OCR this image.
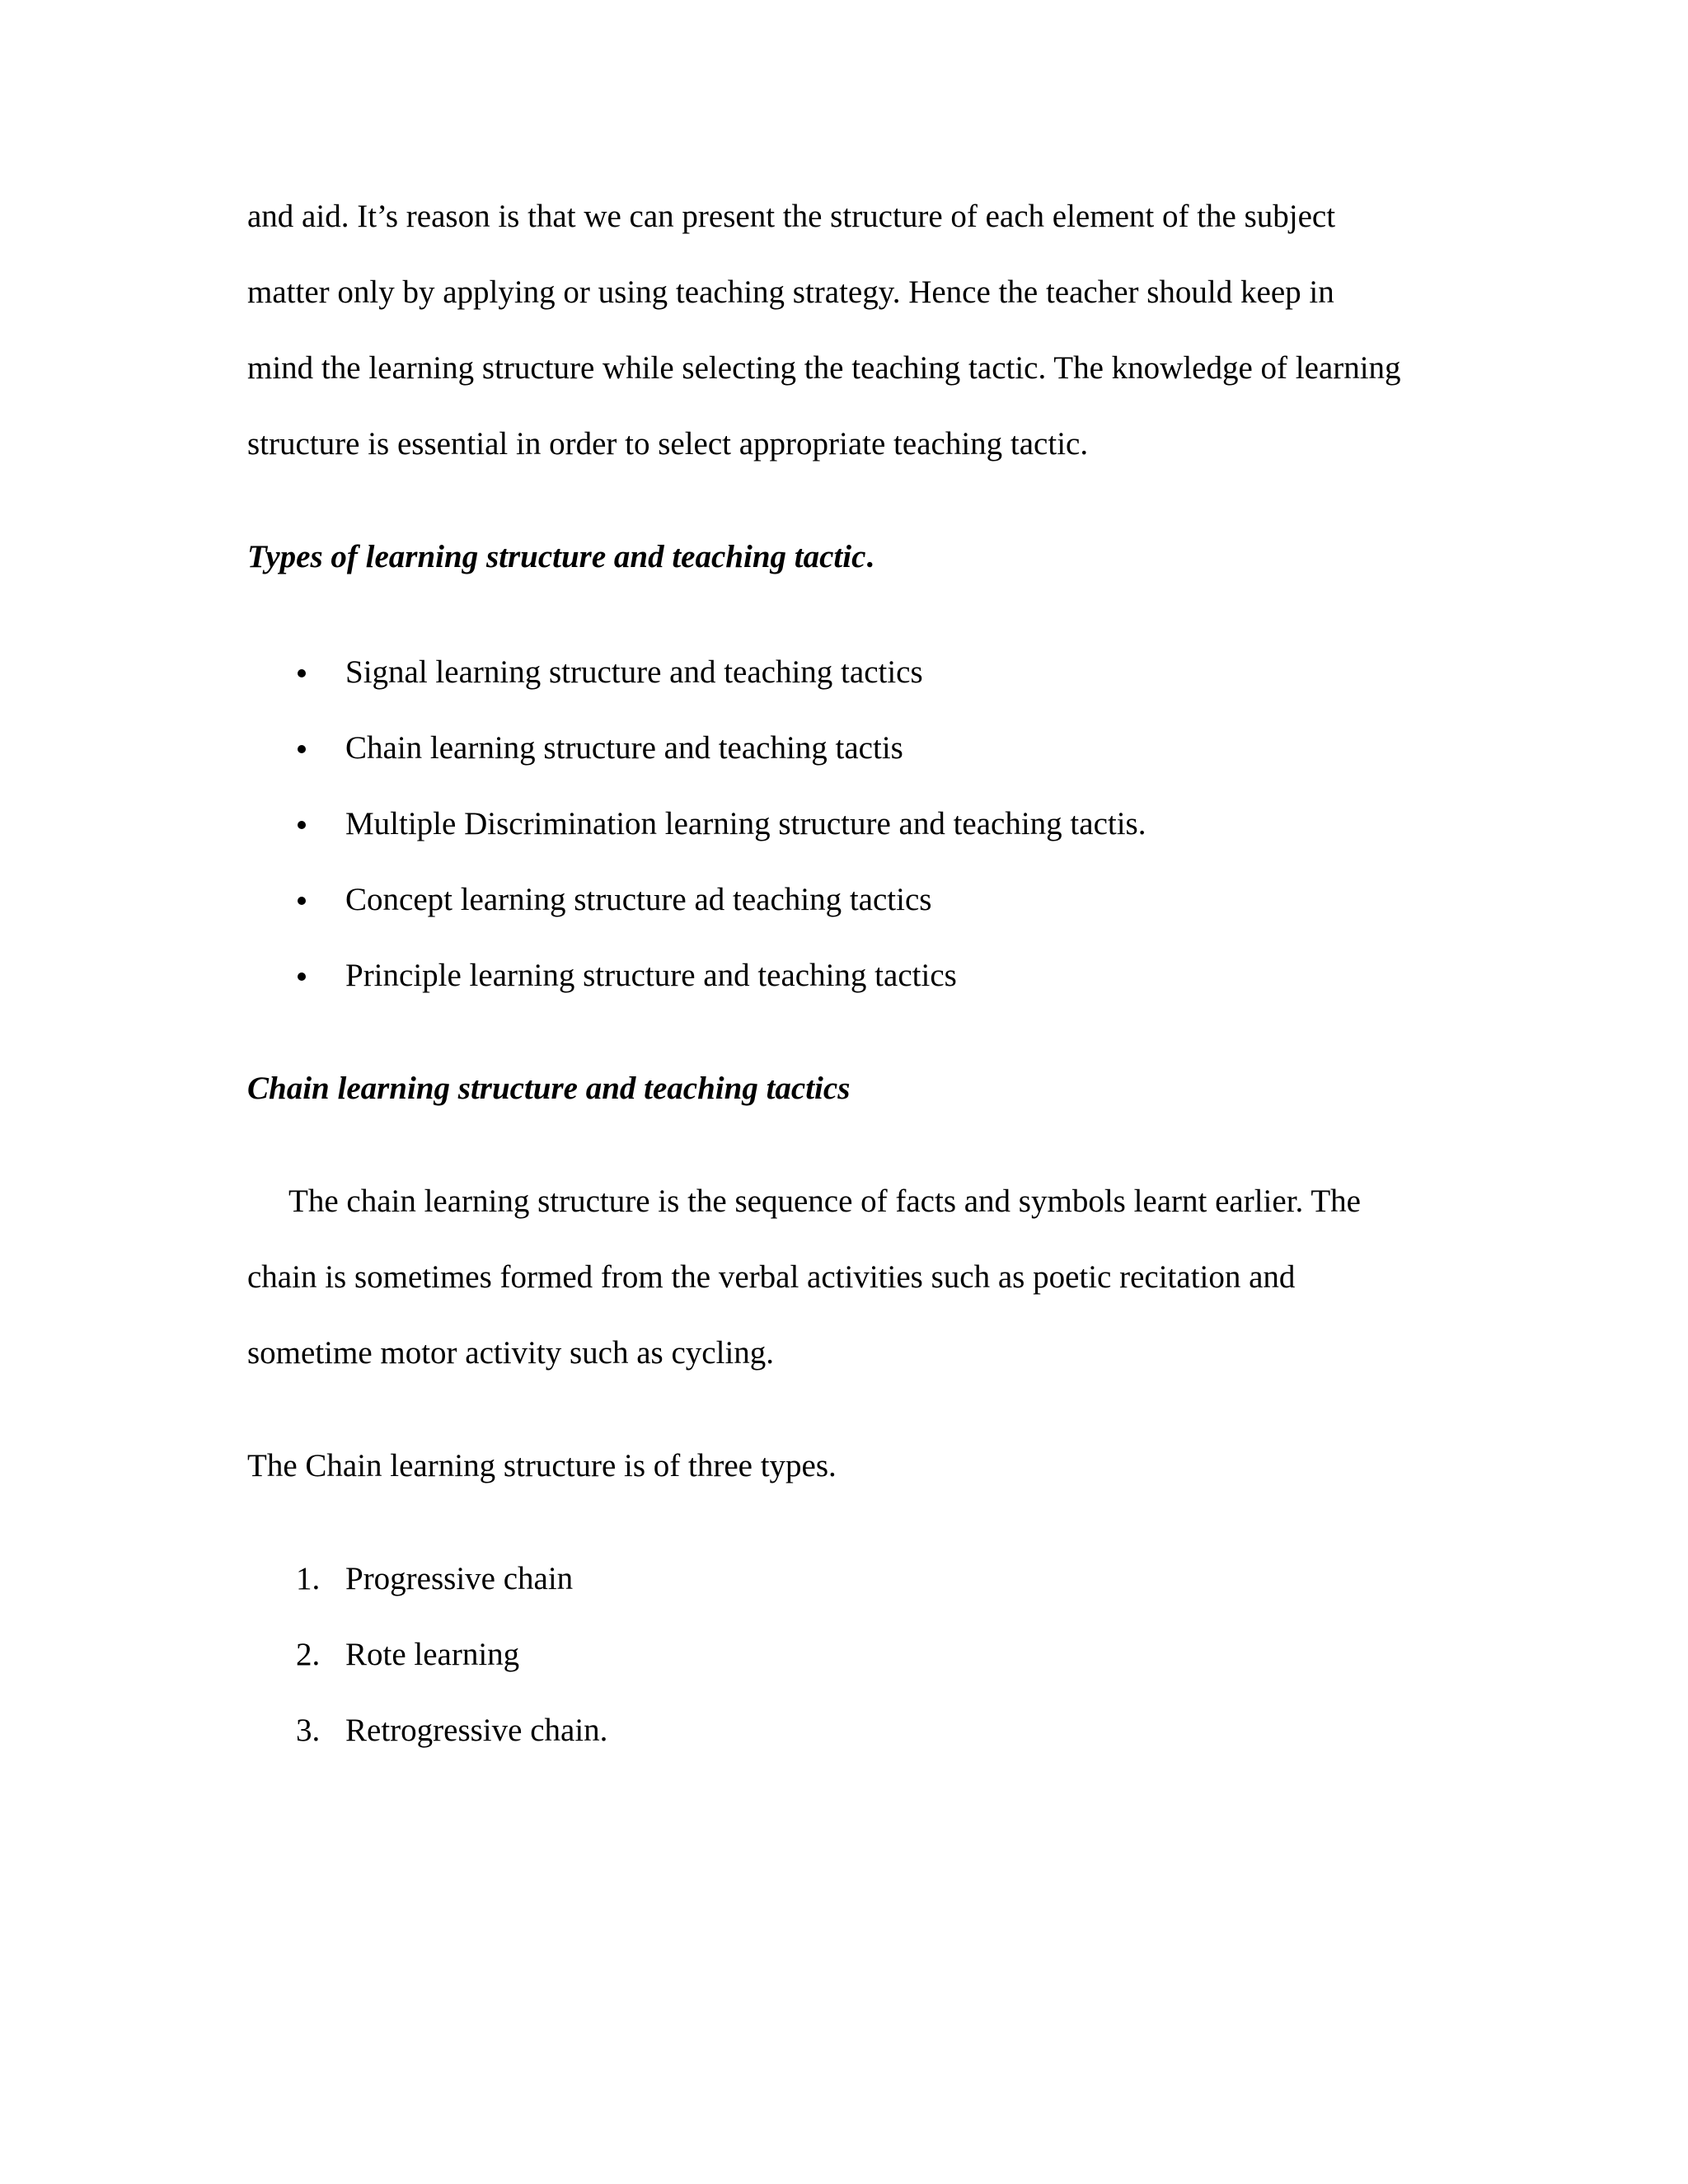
and aid. It’s reason is that we can present the structure of each element of the subject
matter only by applying or using teaching strategy. Hence the teacher should keep in
mind the learning structure while selecting the teaching tactic. The knowledge of learning
structure is essential in order to select appropriate teaching tactic.
Types of learning structure and teaching tactic.
Signal learning structure and teaching tactics
Chain learning structure and teaching tactis
Multiple Discrimination learning structure and teaching tactis.
Concept learning structure ad teaching tactics
Principle learning structure and teaching tactics
Chain learning structure and teaching tactics
The chain learning structure is the sequence of facts and symbols learnt earlier. The
chain is sometimes formed from the verbal activities such as poetic recitation and
sometime motor activity such as cycling.
The Chain learning structure is of three types.
1. Progressive chain
2. Rote learning
3. Retrogressive chain.
